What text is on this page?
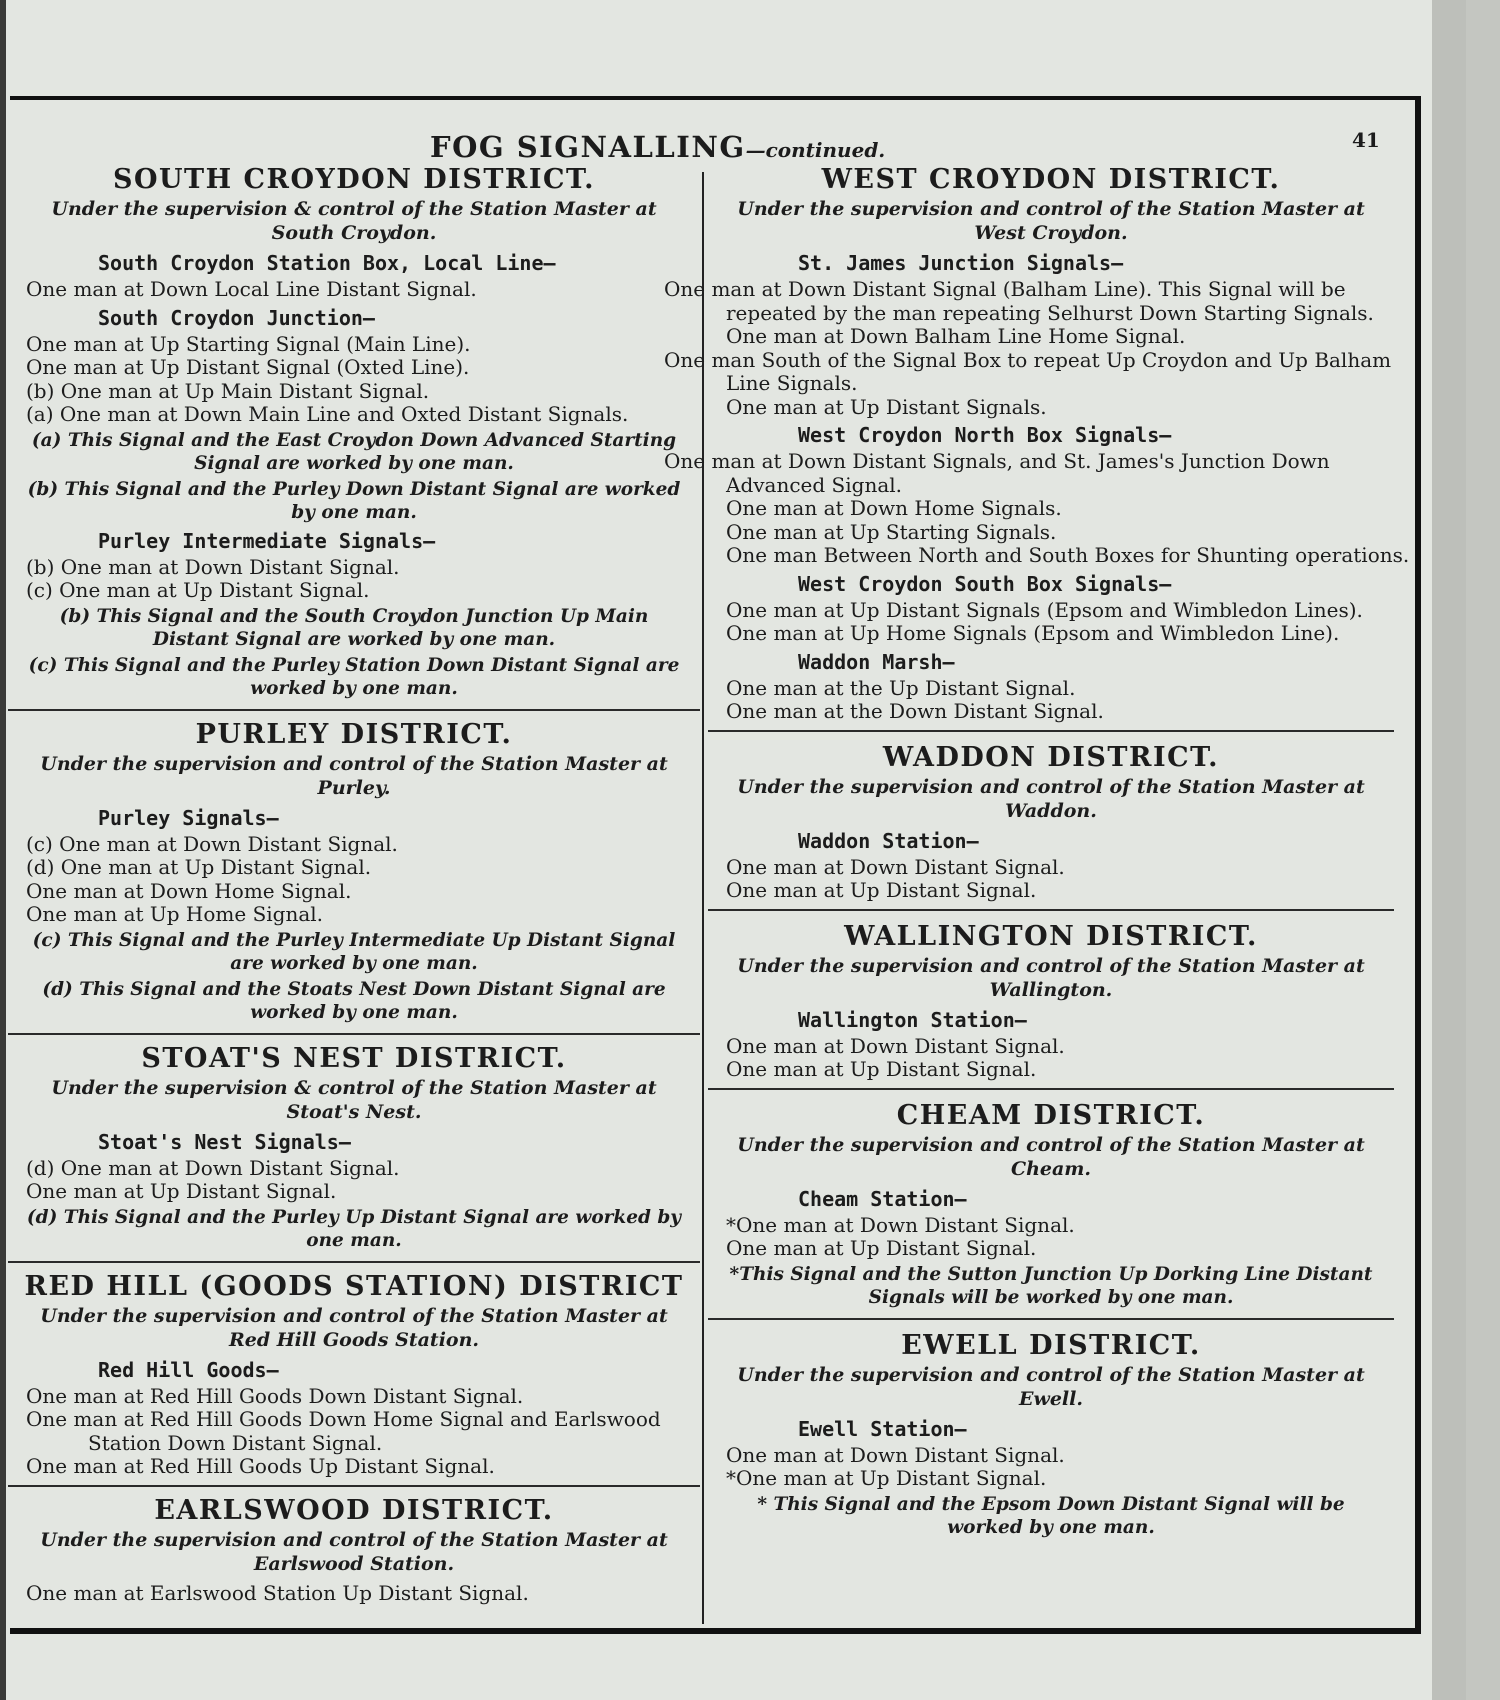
FOG SIGNALLING—continued.	41
SOUTH CROYDON DISTRICT.
Under the supervision & control of the Station Master at South Croydon.
South Croydon Station Box, Local Line—
One man at Down Local Line Distant Signal.
South Croydon Junction—
One man at Up Starting Signal (Main Line).
One man at Up Distant Signal (Oxted Line).
(b) One man at Up Main Distant Signal.
(a) One man at Down Main Line and Oxted Distant Signals.
(a) This Signal and the East Croydon Down Advanced Starting Signal are worked by one man.
(b) This Signal and the Purley Down Distant Signal are worked by one man.
Purley Intermediate Signals—
(b) One man at Down Distant Signal.
(c) One man at Up Distant Signal.
(b) This Signal and the South Croydon Junction Up Main Distant Signal are worked by one man.
(c) This Signal and the Purley Station Down Distant Signal are worked by one man.
PURLEY DISTRICT.
Under the supervision and control of the Station Master at Purley.
Purley Signals—
(c) One man at Down Distant Signal.
(d) One man at Up Distant Signal.
One man at Down Home Signal.
One man at Up Home Signal.
(c) This Signal and the Purley Intermediate Up Distant Signal are worked by one man.
(d) This Signal and the Stoats Nest Down Distant Signal are worked by one man.
STOAT'S NEST DISTRICT.
Under the supervision & control of the Station Master at Stoat's Nest.
Stoat's Nest Signals—
(d) One man at Down Distant Signal.
One man at Up Distant Signal.
(d) This Signal and the Purley Up Distant Signal are worked by one man.
RED HILL (GOODS STATION) DISTRICT
Under the supervision and control of the Station Master at Red Hill Goods Station.
Red Hill Goods—
One man at Red Hill Goods Down Distant Signal.
One man at Red Hill Goods Down Home Signal and Earlswood Station Down Distant Signal.
One man at Red Hill Goods Up Distant Signal.
EARLSWOOD DISTRICT.
Under the supervision and control of the Station Master at Earlswood Station.
One man at Earlswood Station Up Distant Signal.
WEST CROYDON DISTRICT.
Under the supervision and control of the Station Master at West Croydon.
St. James Junction Signals—
One man at Down Distant Signal (Balham Line). This Signal will be repeated by the man repeating Selhurst Down Starting Signals.
One man at Down Balham Line Home Signal.
One man South of the Signal Box to repeat Up Croydon and Up Balham Line Signals.
One man at Up Distant Signals.
West Croydon North Box Signals—
One man at Down Distant Signals, and St. James's Junction Down Advanced Signal.
One man at Down Home Signals.
One man at Up Starting Signals.
One man Between North and South Boxes for Shunting operations.
West Croydon South Box Signals—
One man at Up Distant Signals (Epsom and Wimbledon Lines).
One man at Up Home Signals (Epsom and Wimbledon Line).
Waddon Marsh—
One man at the Up Distant Signal.
One man at the Down Distant Signal.
WADDON DISTRICT.
Under the supervision and control of the Station Master at Waddon.
Waddon Station—
One man at Down Distant Signal.
One man at Up Distant Signal.
WALLINGTON DISTRICT.
Under the supervision and control of the Station Master at Wallington.
Wallington Station—
One man at Down Distant Signal.
One man at Up Distant Signal.
CHEAM DISTRICT.
Under the supervision and control of the Station Master at Cheam.
Cheam Station—
*One man at Down Distant Signal.
One man at Up Distant Signal.
*This Signal and the Sutton Junction Up Dorking Line Distant Signals will be worked by one man.
EWELL DISTRICT.
Under the supervision and control of the Station Master at Ewell.
Ewell Station—
One man at Down Distant Signal.
*One man at Up Distant Signal.
* This Signal and the Epsom Down Distant Signal will be worked by one man.
